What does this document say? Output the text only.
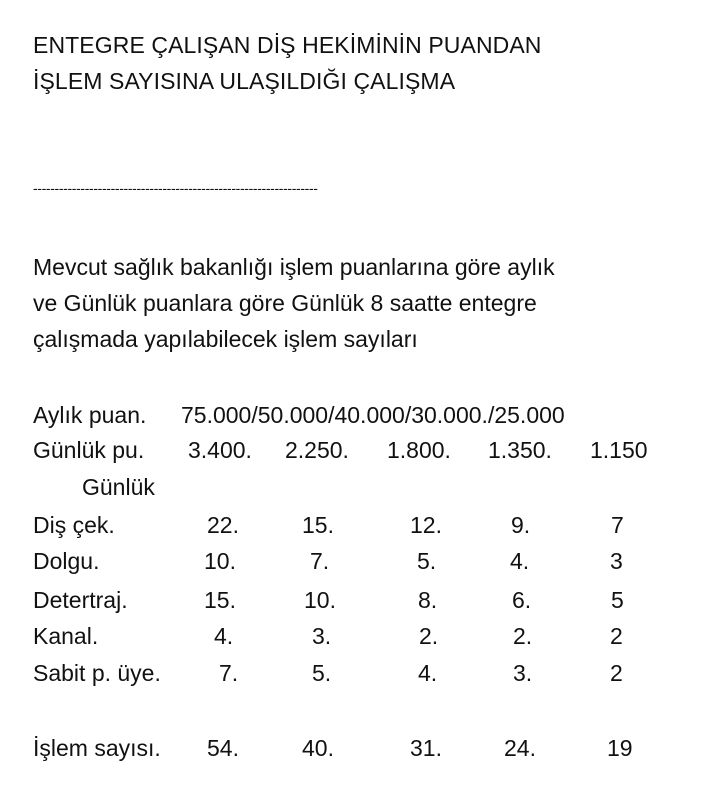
ENTEGRE ÇALIŞAN DİŞ HEKİMİNİN PUANDAN
İŞLEM SAYISINA ULAŞILDIĞI ÇALIŞMA
------------------------------------------------------------------
Mevcut sağlık bakanlığı işlem puanlarına göre aylık
ve Günlük puanlara göre Günlük 8 saatte entegre
çalışmada yapılabilecek işlem sayıları
Aylık puan. 75.000/50.000/40.000/30.000./25.000
Günlük pu. 3.400. 2.250. 1.800. 1.350. 1.150
Günlük
Diş çek.	22.	15.	12.	9.	7
Dolgu.	10.	7.	5.	4.	3
Detertraj.	15.	10.	8.	6.	5
Kanal.	4.	3.	2.	2.	2
Sabit p. üye.	7.	5.	4.	3.	2
İşlem sayısı. 54.	40.	31.	24.	19
